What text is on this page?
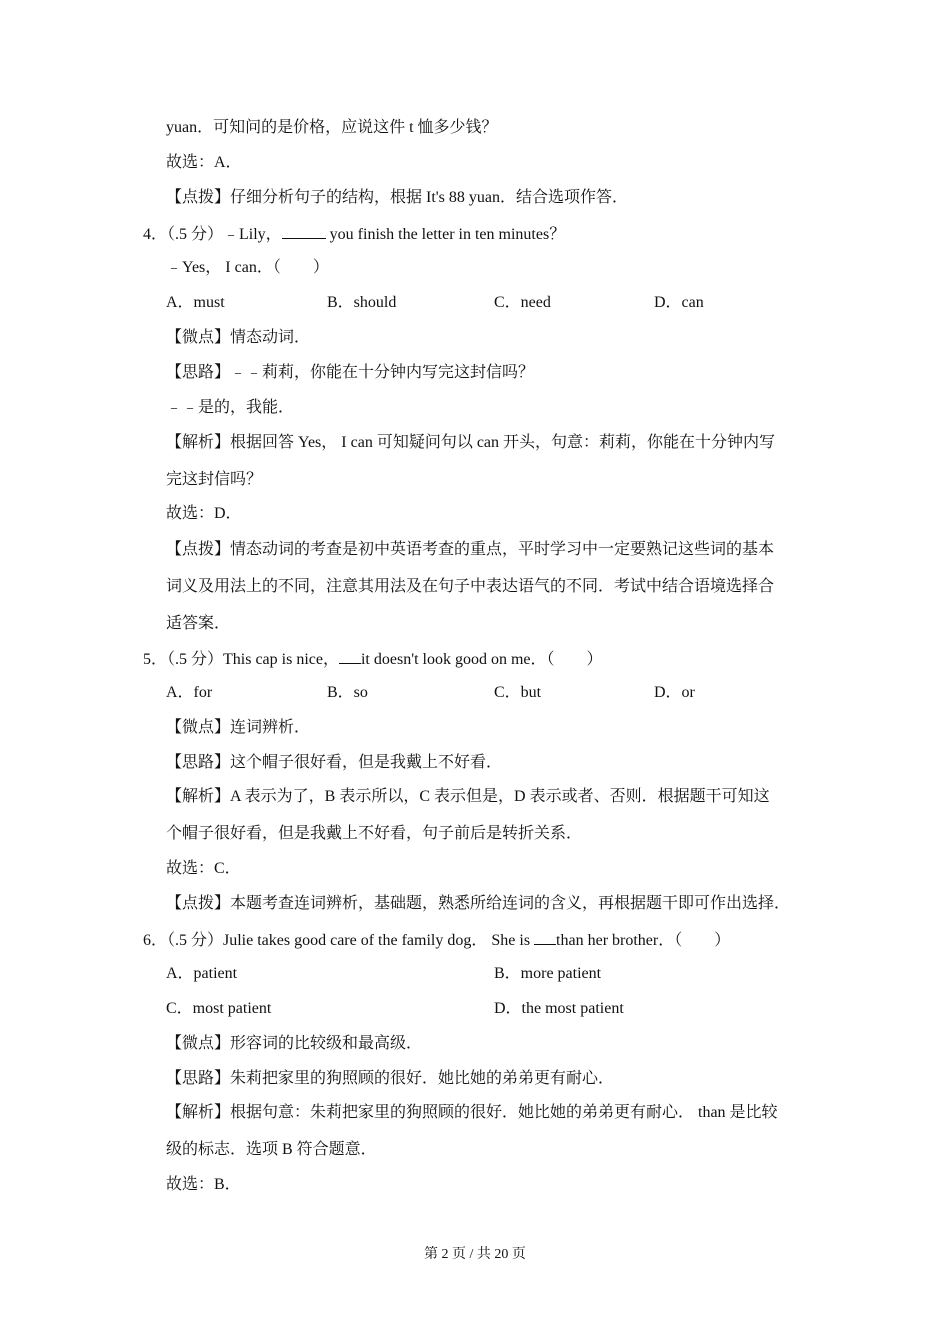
yuan．可知问的是价格，应说这件 t 恤多少钱？
故选：A．
【点拨】仔细分析句子的结构，根据 It's 88 yuan．结合选项作答．
4．（.5 分）﹣Lily，	you finish the letter in ten minutes？
﹣Yes， I can．（　　）
A．must	B．should	C．need	D．can
【微点】情态动词．
【思路】﹣﹣莉莉，你能在十分钟内写完这封信吗？
﹣﹣是的，我能．
【解析】根据回答 Yes， I can 可知疑问句以 can 开头，句意：莉莉，你能在十分钟内写
完这封信吗？
故选：D．
【点拨】情态动词的考查是初中英语考查的重点，平时学习中一定要熟记这些词的基本
词义及用法上的不同，注意其用法及在句子中表达语气的不同．考试中结合语境选择合
适答案．
5．（.5 分）This cap is nice， it doesn't look good on me．（　　）
A．for	B．so	C．but	D．or
【微点】连词辨析．
【思路】这个帽子很好看，但是我戴上不好看．
【解析】A 表示为了，B 表示所以，C 表示但是，D 表示或者、否则．根据题干可知这
个帽子很好看，但是我戴上不好看，句子前后是转折关系．
故选：C．
【点拨】本题考查连词辨析，基础题，熟悉所给连词的含义，再根据题干即可作出选择．
6．（.5 分）Julie takes good care of the family dog． She is than her brother．（　　）
A．patient	B．more patient
C．most patient	D．the most patient
【微点】形容词的比较级和最高级．
【思路】朱莉把家里的狗照顾的很好．她比她的弟弟更有耐心．
【解析】根据句意：朱莉把家里的狗照顾的很好．她比她的弟弟更有耐心． than 是比较
级的标志．选项 B 符合题意．
故选：B．
第 2 页 / 共 20 页
